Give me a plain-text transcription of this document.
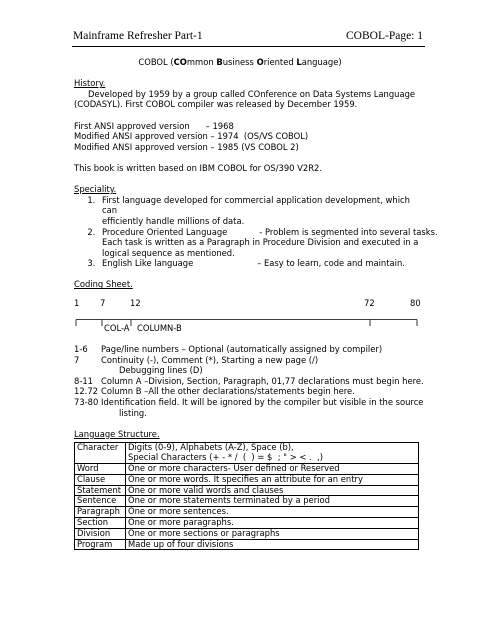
Mainframe Refresher Part-1	COBOL-Page: 1
COBOL (COmmon Business Oriented Language)
History.
Developed by 1959 by a group called COnference on Data Systems Language
(CODASYL). First COBOL compiler was released by December 1959.
First ANSI approved version      – 1968
Modified ANSI approved version – 1974  (OS/VS COBOL)
Modified ANSI approved version – 1985 (VS COBOL 2)
This book is written based on IBM COBOL for OS/390 V2R2.
Speciality.
1. First language developed for commercial application development, which can
efficiently handle millions of data.
2. Procedure Oriented Language            - Problem is segmented into several tasks.
Each task is written as a Paragraph in Procedure Division and executed in a
logical sequence as mentioned.
3. English Like language                        – Easy to learn, code and maintain.
Coding Sheet.
1 7	12	72	80
COL-A COLUMN-B
1-6	Page/line numbers – Optional (automatically assigned by compiler)
7	Continuity (-), Comment (*), Starting a new page (/)
Debugging lines (D)
8-11 Column A –Division, Section, Paragraph, 01,77 declarations must begin here.
12.72 Column B –All the other declarations/statements begin here.
73-80 Identification field. It will be ignored by the compiler but visible in the source
listing.
Language Structure.
Character	Digits (0-9), Alphabets (A-Z), Space (b),
Special Characters (+ - * /  (  ) = $  ; " > < .  ,)

Word	One or more characters- User defined or Reserved
Clause	One or more words. It specifies an attribute for an entry
Statement	One or more valid words and clauses
Sentence	One or more statements terminated by a period
Paragraph	One or more sentences.
Section	One or more paragraphs.
Division	One or more sections or paragraphs
Program	Made up of four divisions
